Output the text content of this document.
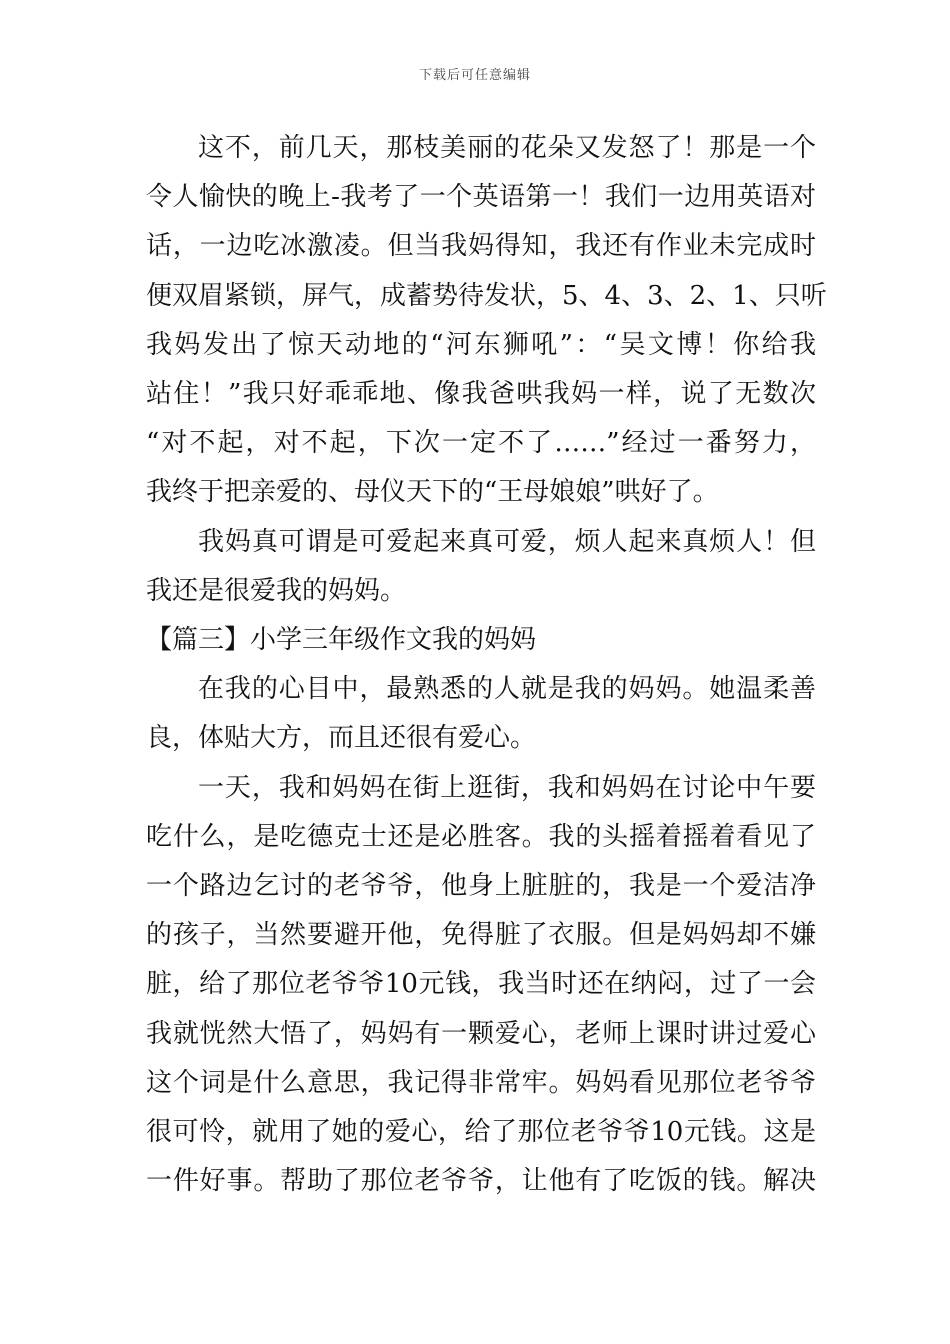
下载后可任意编辑
这不，前几天，那枝美丽的花朵又发怒了！那是一个
令人愉快的晚上-我考了一个英语第一！我们一边用英语对
话，一边吃冰激凌。但当我妈得知，我还有作业未完成时
便双眉紧锁，屏气，成蓄势待发状，5、4、3、2、1、只听
我妈发出了惊天动地的“河东狮吼”：“吴文博！你给我
站住！”我只好乖乖地、像我爸哄我妈一样，说了无数次
“对不起，对不起，下次一定不了……”经过一番努力，
我终于把亲爱的、母仪天下的“王母娘娘”哄好了。
我妈真可谓是可爱起来真可爱，烦人起来真烦人！但
我还是很爱我的妈妈。
【篇三】小学三年级作文我的妈妈
在我的心目中，最熟悉的人就是我的妈妈。她温柔善
良，体贴大方，而且还很有爱心。
一天，我和妈妈在街上逛街，我和妈妈在讨论中午要
吃什么，是吃德克士还是必胜客。我的头摇着摇着看见了
一个路边乞讨的老爷爷，他身上脏脏的，我是一个爱洁净
的孩子，当然要避开他，免得脏了衣服。但是妈妈却不嫌
脏，给了那位老爷爷10元钱，我当时还在纳闷，过了一会
我就恍然大悟了，妈妈有一颗爱心，老师上课时讲过爱心
这个词是什么意思，我记得非常牢。妈妈看见那位老爷爷
很可怜，就用了她的爱心，给了那位老爷爷10元钱。这是
一件好事。帮助了那位老爷爷，让他有了吃饭的钱。解决
